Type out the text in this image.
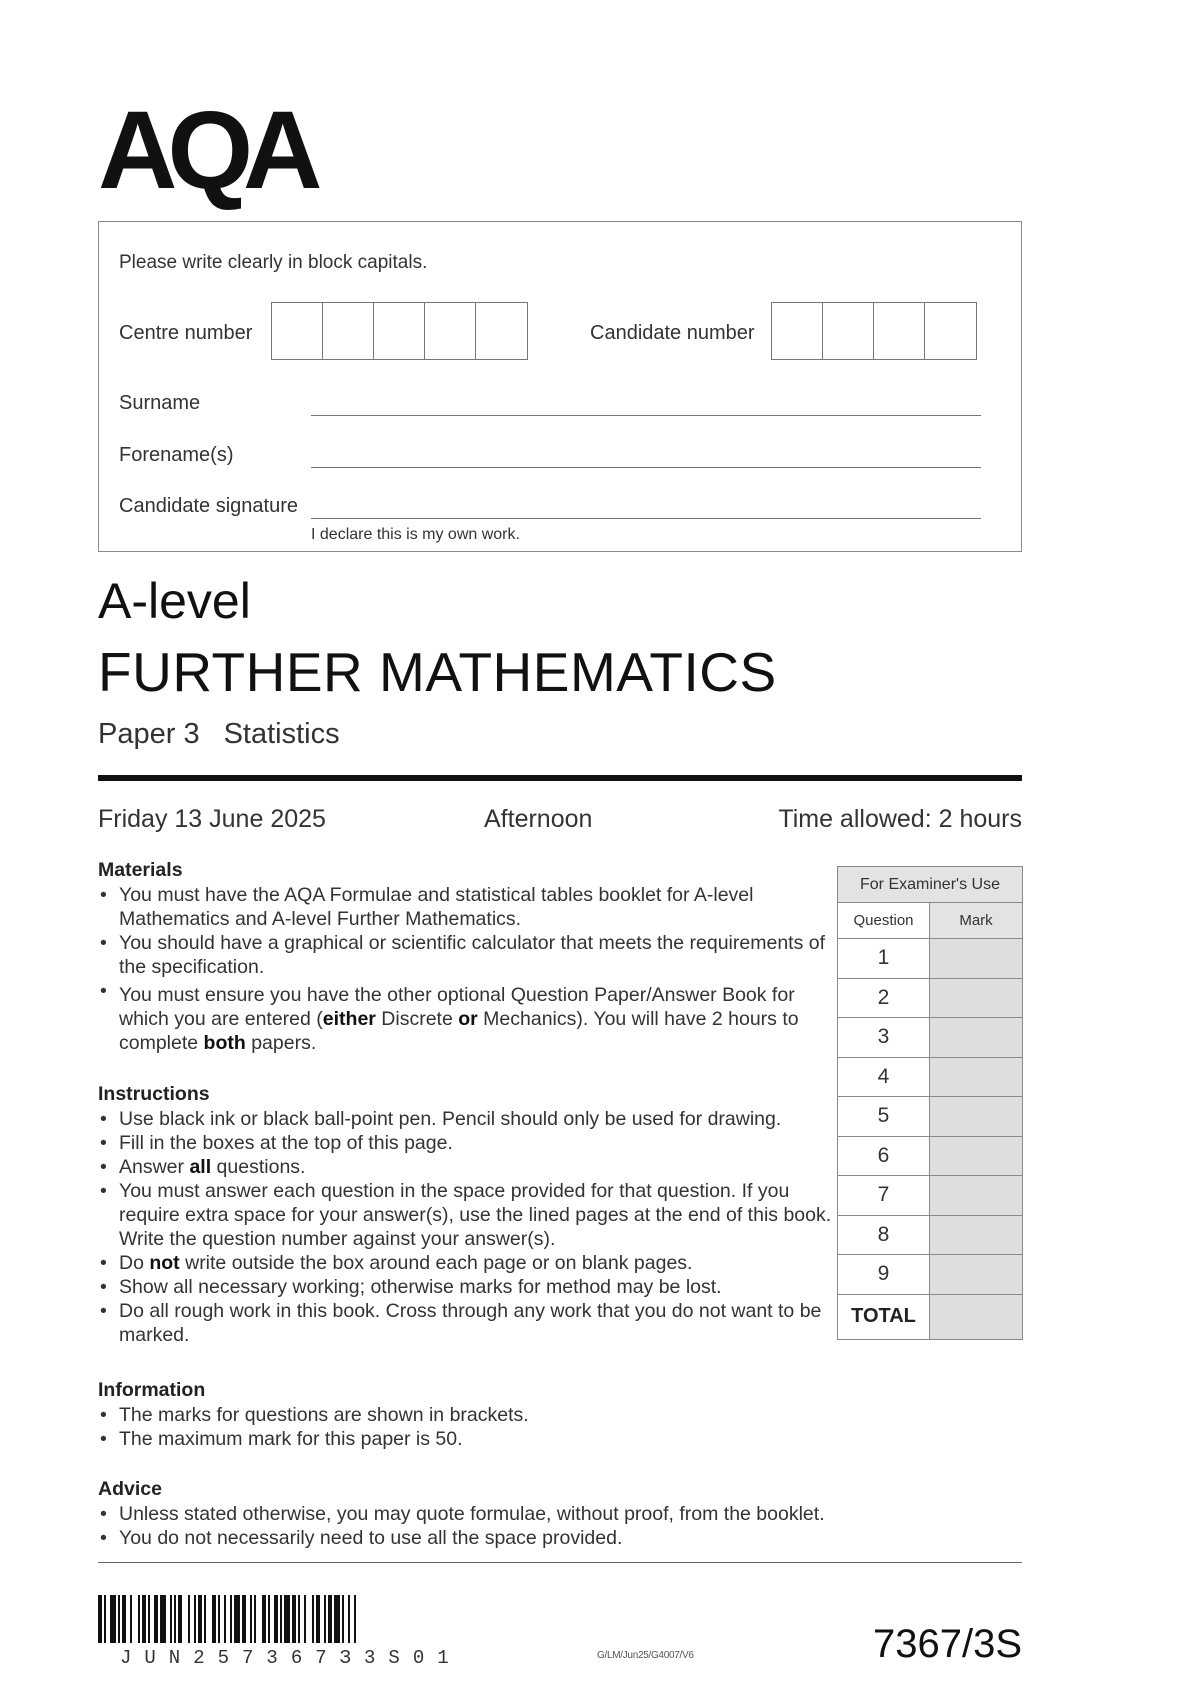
AQA
Please write clearly in block capitals.
Centre number	Candidate number
Surname
Forename(s)
Candidate signature
I declare this is my own work.
A-level
FURTHER MATHEMATICS
Paper 3 Statistics
Friday 13 June 2025	Afternoon	Time allowed: 2 hours
Materials
• You must have the AQA Formulae and statistical tables booklet for A-level Mathematics and A-level Further Mathematics.
• You should have a graphical or scientific calculator that meets the requirements of the specification.
• You must ensure you have the other optional Question Paper/Answer Book for which you are entered (either Discrete or Mechanics). You will have 2 hours to complete both papers.
Instructions
• Use black ink or black ball-point pen. Pencil should only be used for drawing.
• Fill in the boxes at the top of this page.
• Answer all questions.
• You must answer each question in the space provided for that question. If you require extra space for your answer(s), use the lined pages at the end of this book. Write the question number against your answer(s).
• Do not write outside the box around each page or on blank pages.
• Show all necessary working; otherwise marks for method may be lost.
• Do all rough work in this book. Cross through any work that you do not want to be marked.
Information
• The marks for questions are shown in brackets.
• The maximum mark for this paper is 50.
Advice
• Unless stated otherwise, you may quote formulae, without proof, from the booklet.
• You do not necessarily need to use all the space provided.
For Examiner's Use	
Question	Mark
1	
2	
3	
4	
5	
6	
7	
8	
9	
TOTAL	
JUN257367З3S01	G/LM/Jun25/G4007/V6	7367/3S
